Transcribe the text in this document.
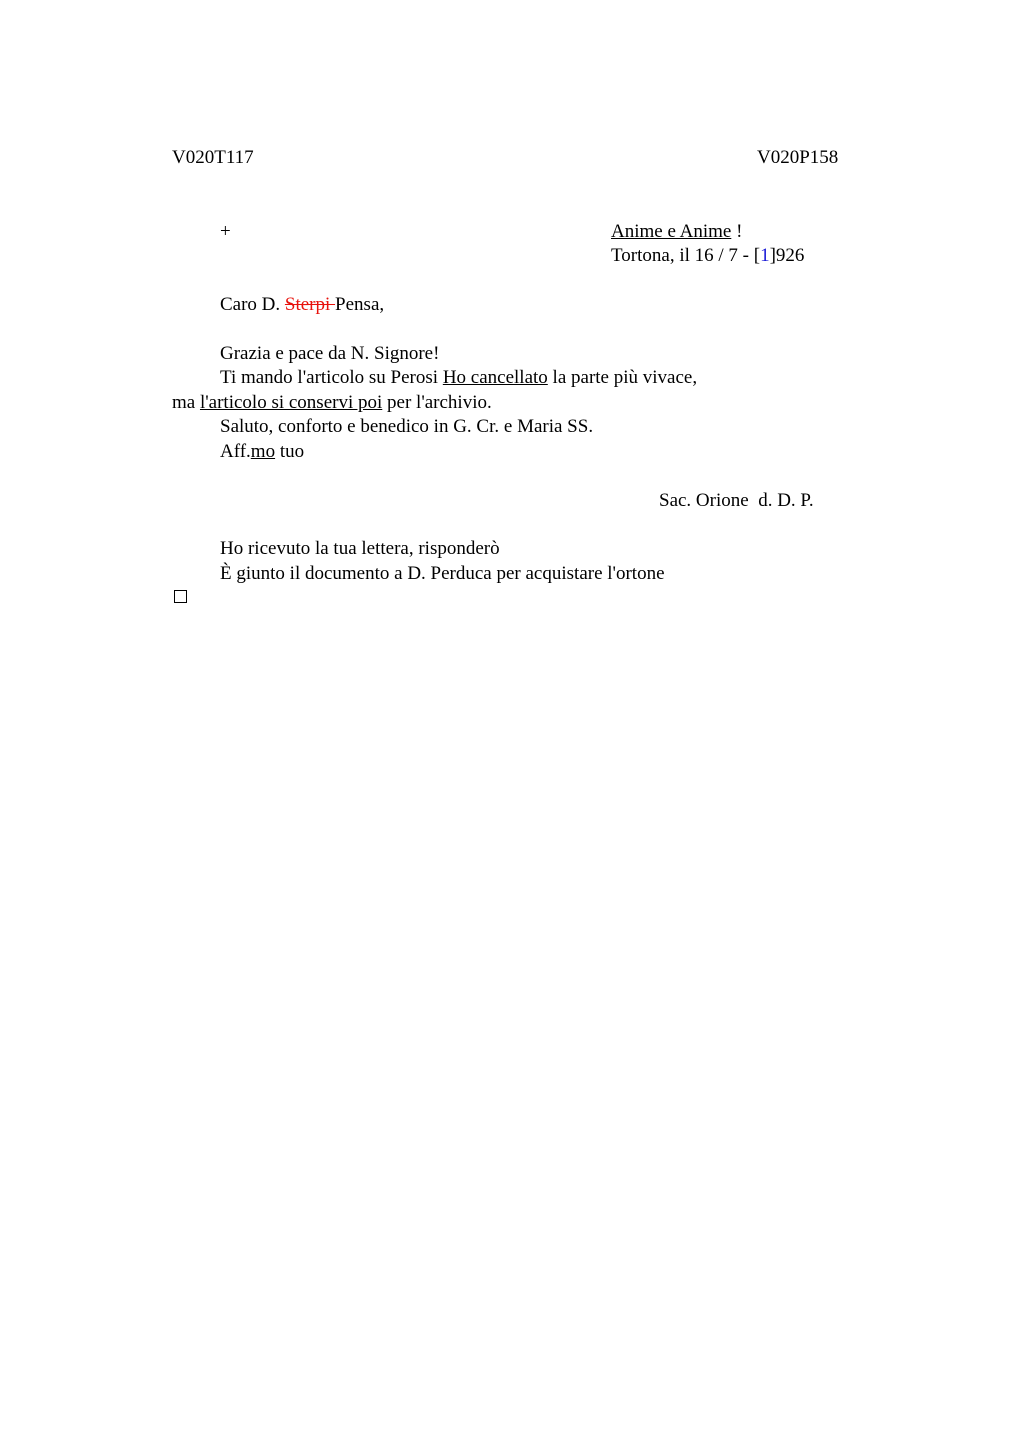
V020T117	V020P158
+	Anime e Anime !
Tortona, il 16 / 7 - [1]926
Caro D. Sterpi Pensa,
Grazia e pace da N. Signore!
Ti mando l'articolo su Perosi Ho cancellato la parte più vivace,
ma l'articolo si conservi poi per l'archivio.
Saluto, conforto e benedico in G. Cr. e Maria SS.
Aff.mo tuo
Sac. Orione  d. D. P.
Ho ricevuto la tua lettera, risponderò
È giunto il documento a D. Perduca per acquistare l'ortone
